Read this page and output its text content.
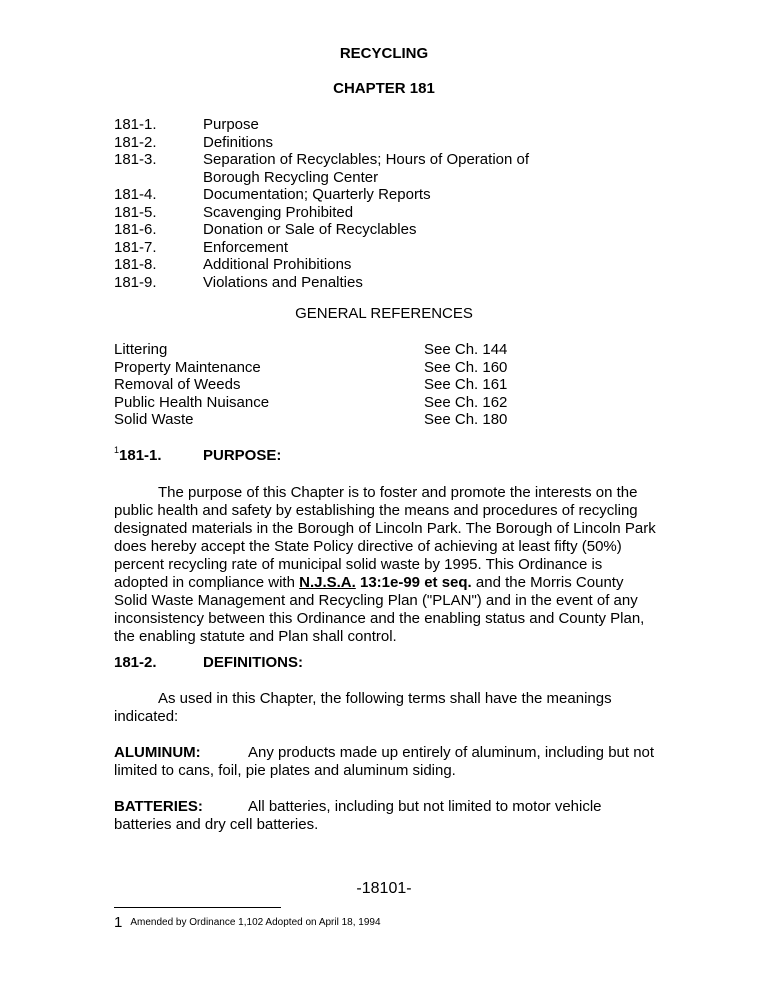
RECYCLING
CHAPTER 181
181-1.	Purpose
181-2.	Definitions
181-3.	Separation of Recyclables; Hours of Operation of
Borough Recycling Center
181-4.	Documentation; Quarterly Reports
181-5.	Scavenging Prohibited
181-6.	Donation or Sale of Recyclables
181-7.	Enforcement
181-8.	Additional Prohibitions
181-9.	Violations and Penalties
GENERAL REFERENCES
Littering	See Ch. 144
Property Maintenance	See Ch. 160
Removal of Weeds	See Ch. 161
Public Health Nuisance	See Ch. 162
Solid Waste	See Ch. 180
$^1$181-1.	PURPOSE:
The purpose of this Chapter is to foster and promote the interests on the public health and safety by establishing the means and procedures of recycling designated materials in the Borough of Lincoln Park. The Borough of Lincoln Park does hereby accept the State Policy directive of achieving at least fifty (50%) percent recycling rate of municipal solid waste by 1995. This Ordinance is adopted in compliance with N.J.S.A. 13:1e-99 et seq. and the Morris County Solid Waste Management and Recycling Plan ("PLAN") and in the event of any inconsistency between this Ordinance and the enabling status and County Plan, the enabling statute and Plan shall control.
181-2.	DEFINITIONS:
As used in this Chapter, the following terms shall have the meanings indicated:
ALUMINUM:	Any products made up entirely of aluminum, including but not limited to cans, foil, pie plates and aluminum siding.
BATTERIES:	All batteries, including but not limited to motor vehicle batteries and dry cell batteries.
-18101-
1 Amended by Ordinance 1,102 Adopted on April 18, 1994
